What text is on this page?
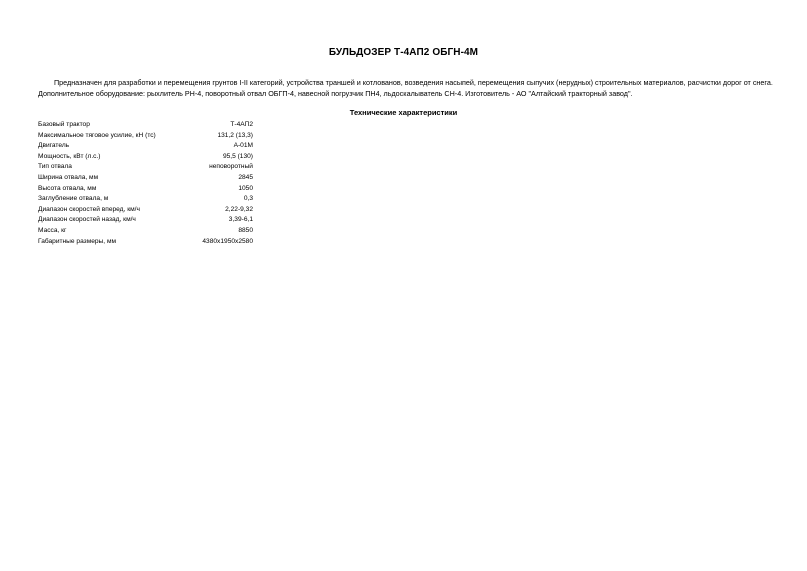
БУЛЬДОЗЕР Т-4АП2 ОБГН-4М
Предназначен для разработки и перемещения грунтов I-II категорий, устройства траншей и котлованов, возведения насыпей, перемещения сыпучих (нерудных) строительных материалов, расчистки дорог от снега. Дополнительное оборудование: рыхлитель РН-4, поворотный отвал ОБГП-4, навесной погрузчик ПН4, льдоскалыватель СН-4. Изготовитель - АО "Алтайский тракторный завод".
Технические характеристики
Базовый трактор	Т-4АП2
Максимальное тяговое усилие, кН (тс)	131,2 (13,3)
Двигатель	А-01М
Мощность, кВт (л.с.)	95,5 (130)
Тип отвала	неповоротный
Ширина отвала, мм	2845
Высота отвала, мм	1050
Заглубление отвала, м	0,3
Диапазон скоростей вперед, км/ч	2,22-9,32
Диапазон скоростей назад, км/ч	3,39-6,1
Масса, кг	8850
Габаритные размеры, мм	4380x1950x2580
